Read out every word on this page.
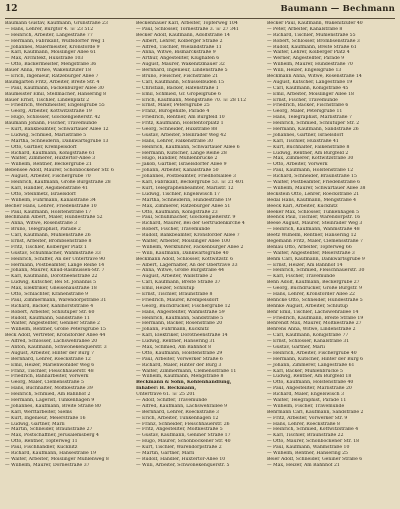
12	Baumann — Bechmann
Baumann Gustav, Kaufmann, Grünstraße 23
— Hans, Lehrer, Burgtor 4. ☏ 23 512
— Heinrich, Arbeiter, Langestraße 77
— Hermann, Fabrikant, Wulfsdorfer Weg 1
— Johannes, Malermeister, Kronsforde 9
— Karl, Kaufmann, Moislinger Allee 61
— Max, Architekt, Hüxstraße 103
— Otto, Bäckermeister, Mengstraße 36
Bauer Anna, Witwe, Wakenitzufer 18
— Erich, Ingenieur, Ratzeburger Allee 7
Baumgarten Fritz, Arbeiter, Breite Str. 4
— Paul, Kaufmann, Fackenburger Allee 30
Baumeister Emil, Stellmacher, Hansering 8
Bauer Ernst, Tischler, Lindenplatz 2
— Friedrich, Werkmeister, Engelsgrube 55
— Georg, Arbeiter, Kottwitzstraße 19
— Hugo, Schlosser, Glockengießerstr. 42
Baumann Johann, Fischer, Travemünde
— Kurt, Bankbeamter, Schwartauer Allee 12
— Ludwig, Schmied, Marlistraße 5
— Martha, Schneiderin, Dankwartsgrube 13
— Otto, Gärtner, Krempelsdorf
— Richard, Kaufmann, Königstraße 61
— Walter, Zimmerer, Hüxtertor-Allee 3
— Wilhelm, Rentner, Beckergrube 21
Bebensee Adolf, Maurer, Schönböckener Str. 6
— August, Arbeiter, Fischergrube 70
— Heinrich, Kaufmann, Große Burgstraße 28
— Karl, Händler, Aegidienstraße 41
— Otto, Steinmetz, Israelsdorf
— Wilhelm, Fuhrmann, Kanalstraße 34
Becher Hans, Lehrer, Friedenstraße 10
— Paul, Kaufmann, Holstenstraße 17
Bechmann Albert, Maler, Hundestraße 52
— Anna, Witwe, Rosenstraße 3
— Bruno, Telegraphist, Parade 2
— Carl, Kaufmann, Mühlenstraße 26
— Ernst, Arbeiter, Brömbsenstraße 8
— Fritz, Tischler, Kolberger Platz 1
— Gustav, Schuhmacher, Wahmstraße 33
— Heinrich, Schiffer, An der Untertrave 90
— Hermann, Postbeamter, Lange Reihe 14
— Johann, Maurer, Knud-Rasmussen-Str. 7
— Karl, Kaufmann, Dorotheenstraße 22
— Ludwig, Kutscher, Bei St. Johannis 5
— Max, Elektriker, Gneisenaustraße 18
— Otto, Schlachter, Krähenstraße 9
— Paul, Zimmermann, Warendorpstraße 31
— Richard, Bäcker, Kahlhorststraße 4
— Robert, Arbeiter, Schlutuper Str. 60
— Rudolf, Kaufmann, Sandstraße 11
— Walter, Angestellter, Geniner Straße 2
— Wilhelm, Rentner, Große Petersgrube 15
Beck Adolf, Vertreter, Kronsforder Allee 44
— Alfred, Schlosser, Lachswehrallee 20
— Anton, Kaufmann, Schwönekenquerstr. 3
— August, Arbeiter, Hinter der Burg 7
— Bernhard, Lehrer, Roeckstraße 12
— Emil, Heizer, Marienwohlder Weg 6
— Franz, Tischler, Fleischhauerstr. 48
— Friedrich, Bahnarbeiter, Vorwerk
— Georg, Maler, Clemensstraße 5
— Hans, Buchhalter, Moltkestraße 39
— Heinrich, Schmied, Am Bahnhof 2
— Hermann, Lagerist, Tünkenhagen 9
— Johannes, Kaufmann, Breite Straße 80
— Karl, Werftarbeiter, Siems
— Kurt, Ingenieur, Meierstraße 16
— Ludwig, Gärtner, Marli
— Martin, Schneider, Braunstraße 27
— Max, Postschaffner, Jerusalemsberg 4
— Otto, Rentner, Töpferweg 11
— Paul, Fischhändler, Kücknitz
— Richard, Kaufmann, Hansestraße 19
— Walter, Arbeiter, Moislinger Mühlenweg 8
— Wilhelm, Maurer, Dornestraße 37
Beckenhauer Karl, Arbeiter, Töpferweg 104
— Paul, Schlosser, Tornestraße 3. ☏ 27 341
Becker Adolf, Kaufmann, Adolfstraße 14
— Albert, Lehrer, Kolberger Straße 2
— Alfred, Tischler, Wielandstraße 11
— Anna, Witwe, Bismarckstraße 9
— Arthur, Angestellter, Klughafen 6
— August, Maurer, Wakenitzmauer 32
— Bernhard, Ingenieur, Lindenstraße 5
— Bruno, Fleischer, Fischstraße 21
— Carl, Kaufmann, Schüsselbuden 15
— Christian, Bäcker, Hafenstraße 1
— Emil, Schmied, Gr. Gröpelgrube 6
— Erich, Kaufmann, Mengstraße 70. ☏ 28 112
— Ernst, Maler, Petersgrube 25
— Franz, Bürogehilfe, Parade 4
— Friedrich, Rentner, Am Burgfeld 10
— Fritz, Kaufmann, Holstentorplatz 1
— Georg, Schneider, Hüxstraße 88
— Gustav, Arbeiter, Steinrader Weg 42
— Hans, Lehrer, Falkenstraße 30
— Heinrich, Kaufmann, Schwartauer Allee 6
— Hermann, Kutscher, Lange Reihe 28
— Hugo, Händler, Mühlenbrücke 2
— Jakob, Gärtner, Israelsdorfer Allee 9
— Johann, Arbeiter, Kanalstraße 50
— Johannes, Postbeamter, Friedhofsallee 3
— Karl, Fabrikant, Beckergrube 53. ☏ 21 401
— Kurt, Telegraphenbeamter, Marlistr. 12
— Ludwig, Tischler, Engelswisch 17
— Martha, Schneiderin, Hundestraße 19
— Max, Zimmerer, Ratzeburger Allee 51
— Otto, Kaufmann, Königstraße 23
— Paul, Schuhmacher, Glockengießerstr. 9
— Richard, Maurer, Bei der Gertrudenkirche 4
— Robert, Fischer, Travemünde
— Rudolf, Bankbeamter, Kronsforder Allee 7
— Walter, Arbeiter, Moislinger Allee 100
— Wilhelm, Werkführer, Fackenburger Allee 2
— Willi, Kaufmann, Dankwartsgrube 40
Beckmann Adolf, Schlosser, Kottwitzstr. 6
— Albert, Lagerhalter, An der Obertrave 33
— Anna, Witwe, Große Burgstraße 44
— August, Arbeiter, Wallstraße 2
— Carl, Kaufmann, Breite Straße 37
— Emil, Heizer, Schlutup
— Ernst, Tischler, Braunstraße 8
— Friedrich, Maurer, Krempelsdorf
— Georg, Buchdrucker, Fischergrube 12
— Hans, Angestellter, Wahmstraße 59
— Heinrich, Kaufmann, Sandstraße 5
— Hermann, Bäcker, Rosenstraße 20
— Johann, Fuhrmann, Kücknitz
— Karl, Elektriker, Dorotheenstraße 14
— Ludwig, Rentner, Hansering 31
— Max, Schmied, Am Bahnhof 8
— Otto, Kaufmann, Holstenstraße 29
— Paul, Arbeiter, Vorwerker Straße 6
— Richard, Maler, Hinter der Burg 3
— Walter, Zimmermann, Clemensstraße 11
— Wilhelm, Kaufmann, Mengstraße 8
Beckmann & Sohn, Kohlenhandlung,
Inhaber: H. Beckmann,
Untertrave 61. ☏ 25 201
— Adolf, Schiffer, Travemünde
— Alfred, Kaufmann, Lachswehrallee 9
— Bernhard, Lehrer, Roeckstraße 3
— Erich, Arbeiter, Tünkenhagen 12
— Franz, Schneider, Fleischhauerstr. 26
— Fritz, Angestellter, Moltkestraße 5
— Gustav, Kaufmann, Geniner Straße 17
— Hugo, Maurer, Schönböckener Str. 40
— Kurt, Tischler, Warendorpstraße 2
— Martin, Gärtner, Marli
— Rudolf, Händler, Hüxtertor-Allee 10
— Willi, Arbeiter, Schwönekenquerstr. 5
Becker Paul, Kaufmann, Wakenitzufer 40
— Peter, Arbeiter, Kanalstraße 8
— Richard, Tischler, Mühlenstraße 55
— Robert, Schlosser, Brömbsenstraße 3
— Rudolf, Kaufmann, Breite Straße 61
— Walter, Lehrer, Kolberger Platz 4
— Werner, Angestellter, Parade 9
— Wilhelm, Maurer, Hundestraße 70
— Willi, Heizer, Engelsgrube 13
Beckmann Anna, Witwe, Rosenstraße 14
— August, Kutscher, Langestraße 19
— Carl, Kaufmann, Königstraße 45
— Emil, Arbeiter, Moislinger Allee 18
— Ernst, Fischer, Travemünde
— Friedrich, Bäcker, Fischstraße 6
— Georg, Maler, Petersgrube 11
— Hans, Telegraphist, Marlistraße 7
— Heinrich, Schmied, Schlutuper Str. 2
— Hermann, Kaufmann, Sandstraße 26
— Johannes, Gärtner, Israelsdorf
— Karl, Tischler, Hüxstraße 41
— Kurt, Buchhalter, Falkenstraße 8
— Ludwig, Rentner, Am Burgfeld 2
— Max, Zimmerer, Kottwitzstraße 30
— Otto, Arbeiter, Vorwerk
— Paul, Kaufmann, Holstenstraße 12
— Richard, Schneider, Braunstraße 15
— Walter, Postbeamter, Friedenstraße 6
— Wilhelm, Maurer, Schwartauer Allee 38
Beckstein Otto, Lehrer, Roeckstraße 21
Bedal Hans, Kaufmann, Mengstraße 4
Beeck Karl, Arbeiter, Kücknitz
Beeker Max, Schlosser, Tünkenhagen 5
Beenck Paul, Tischler, Warendorpstr. 16
Beese August, Maurer, Steinrader Weg 3
— Heinrich, Kaufmann, Wahmstraße 48
Beetz Wilhelm, Rentner, Hansering 12
Begemann Fritz, Maler, Clemensstraße 7
Behlau Otto, Arbeiter, Töpferweg 66
— Walter, Angestellter, Meierstraße 3
Behm Carl, Kaufmann, Dankwartsgrube 9
— Ernst, Heizer, Am Bahnhof 14
— Heinrich, Schmied, Fleischhauerstr. 30
— Karl, Fischer, Travemünde
Behn Adolf, Kaufmann, Beckergrube 27
— Georg, Buchdrucker, Große Burgstr. 9
— Hans, Lehrer, Kronsforder Allee 22
Behncke Otto, Schneider, Hundestraße 5
Behnke August, Arbeiter, Schlutup
Behr Emil, Tischler, Lachswehrallee 14
— Friedrich, Kaufmann, Breite Straße 19
Behrendt Max, Maurer, Moltkestraße 27
Behrens Anna, Witwe, Lindenstraße 2
— Carl, Kaufmann, Königstraße 77
— Ernst, Schlosser, Kanalstraße 31
— Gustav, Gärtner, Marli
— Heinrich, Arbeiter, Fischergrube 40
— Hermann, Kutscher, Hinter der Burg 6
— Johann, Zimmerer, Langestraße 61
— Karl, Bäcker, Mühlenbrücke 5
— Ludwig, Rentner, Am Burgfeld 18
— Otto, Kaufmann, Holstenstraße 40
— Paul, Angestellter, Marlistraße 20
— Richard, Maler, Engelswisch 3
— Walter, Telegraphist, Parade 11
— Wilhelm, Fischer, Travemünde
Behrmann Carl, Kaufmann, Sandstraße 2
— Fritz, Arbeiter, Vorwerker Str. 9
— Hans, Lehrer, Roeckstraße 8
— Heinrich, Schmied, Kottwitzstraße 4
— Karl, Tischler, Braunstraße 22
— Otto, Maurer, Schönböckener Str. 18
— Paul, Kaufmann, Wahmstraße 10
— Wilhelm, Rentner, Hansering 25
Beier Adolf, Schneider, Geniner Straße 6
— Max, Heizer, Am Bahnhof 21
